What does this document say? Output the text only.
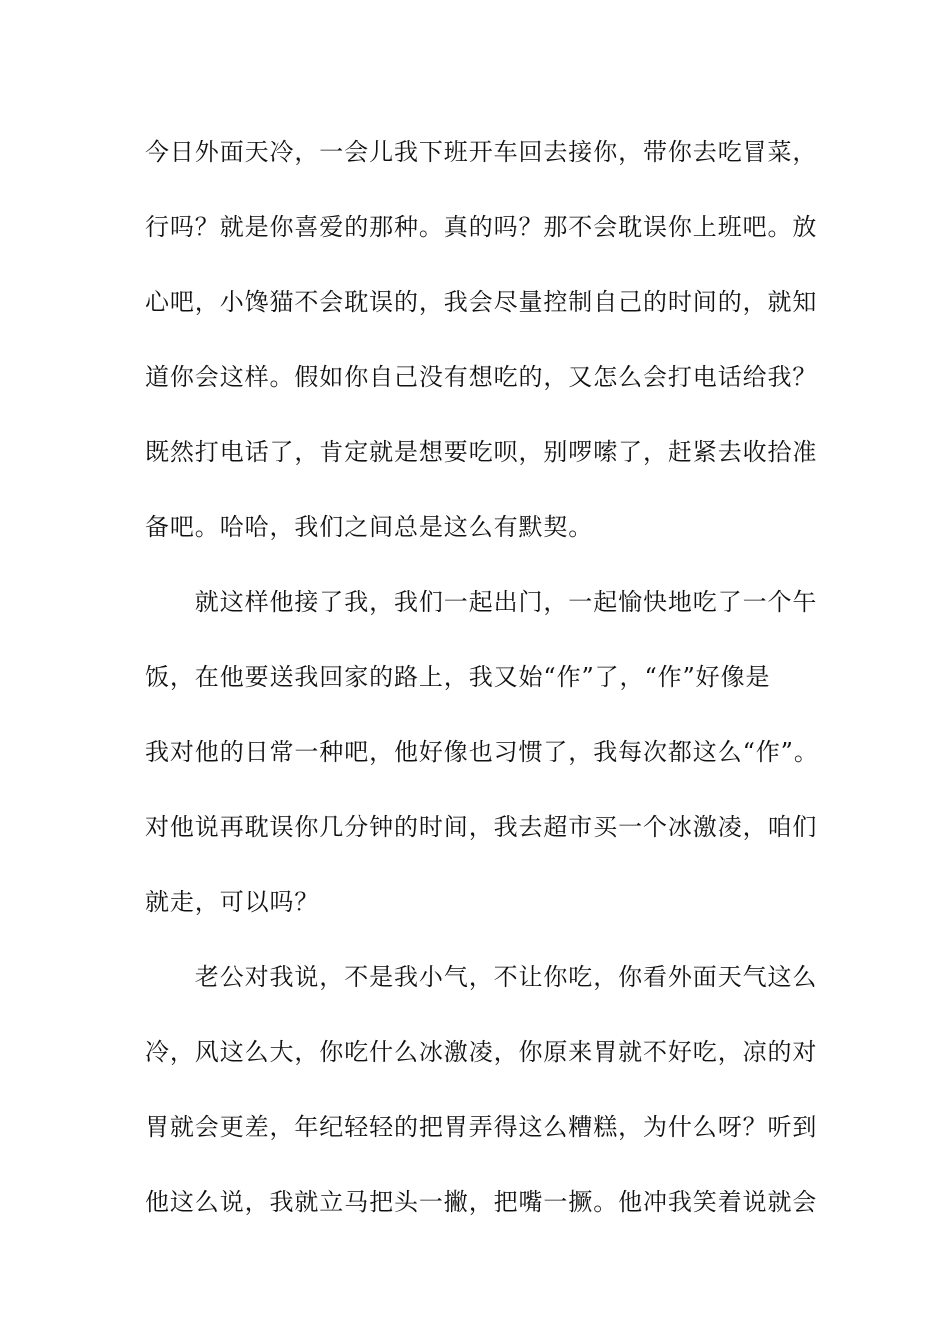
今日外面天冷，一会儿我下班开车回去接你，带你去吃冒菜，
行吗？就是你喜爱的那种。真的吗？那不会耽误你上班吧。放
心吧，小馋猫不会耽误的，我会尽量控制自己的时间的，就知
道你会这样。假如你自己没有想吃的，又怎么会打电话给我？
既然打电话了，肯定就是想要吃呗，别啰嗦了，赶紧去收拾准
备吧。哈哈，我们之间总是这么有默契。
　　就这样他接了我，我们一起出门，一起愉快地吃了一个午
饭，在他要送我回家的路上，我又始“作”了，“作”好像是
我对他的日常一种吧，他好像也习惯了，我每次都这么“作”。
对他说再耽误你几分钟的时间，我去超市买一个冰激凌，咱们
就走，可以吗？
　　老公对我说，不是我小气，不让你吃，你看外面天气这么
冷，风这么大，你吃什么冰激凌，你原来胃就不好吃，凉的对
胃就会更差，年纪轻轻的把胃弄得这么糟糕，为什么呀？听到
他这么说，我就立马把头一撇，把嘴一撅。他冲我笑着说就会
